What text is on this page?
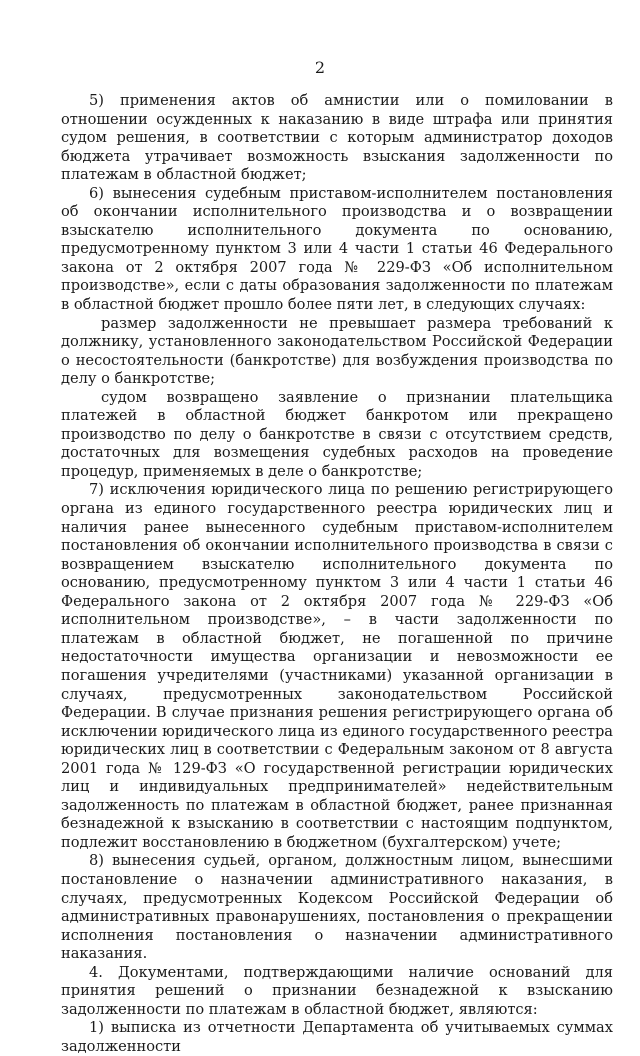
2

5) применения актов об амнистии или о помиловании в отношении осужденных к наказанию в виде штрафа или принятия судом решения, в соответствии с которым администратор доходов бюджета утрачивает возможность взыскания задолженности по платежам в областной бюджет;

6) вынесения судебным приставом-исполнителем постановления об окончании исполнительного производства и о возвращении взыскателю исполнительного документа по основанию, предусмотренному пунктом 3 или 4 части 1 статьи 46 Федерального закона от 2 октября 2007 года № 229-ФЗ «Об исполнительном производстве», если с даты образования задолженности по платежам в областной бюджет прошло более пяти лет, в следующих случаях:

размер задолженности не превышает размера требований к должнику, установленного законодательством Российской Федерации о несостоятельности (банкротстве) для возбуждения производства по делу о банкротстве;

судом возвращено заявление о признании плательщика платежей в областной бюджет банкротом или прекращено производство по делу о банкротстве в связи с отсутствием средств, достаточных для возмещения судебных расходов на проведение процедур, применяемых в деле о банкротстве;

7) исключения юридического лица по решению регистрирующего органа из единого государственного реестра юридических лиц и наличия ранее вынесенного судебным приставом-исполнителем постановления об окончании исполнительного производства в связи с возвращением взыскателю исполнительного документа по основанию, предусмотренному пунктом 3 или 4 части 1 статьи 46 Федерального закона от 2 октября 2007 года № 229-ФЗ «Об исполнительном производстве», – в части задолженности по платежам в областной бюджет, не погашенной по причине недостаточности имущества организации и невозможности ее погашения учредителями (участниками) указанной организации в случаях, предусмотренных законодательством Российской Федерации. В случае признания решения регистрирующего органа об исключении юридического лица из единого государственного реестра юридических лиц в соответствии с Федеральным законом от 8 августа 2001 года № 129-ФЗ «О государственной регистрации юридических лиц и индивидуальных предпринимателей» недействительным задолженность по платежам в областной бюджет, ранее признанная безнадежной к взысканию в соответствии с настоящим подпунктом, подлежит восстановлению в бюджетном (бухгалтерском) учете;

8) вынесения судьей, органом, должностным лицом, вынесшими постановление о назначении административного наказания, в случаях, предусмотренных Кодексом Российской Федерации об административных правонарушениях, постановления о прекращении исполнения постановления о назначении административного наказания.

4. Документами, подтверждающими наличие оснований для принятия решений о признании безнадежной к взысканию задолженности по платежам в областной бюджет, являются:

1) выписка из отчетности Департамента об учитываемых суммах задолженности
